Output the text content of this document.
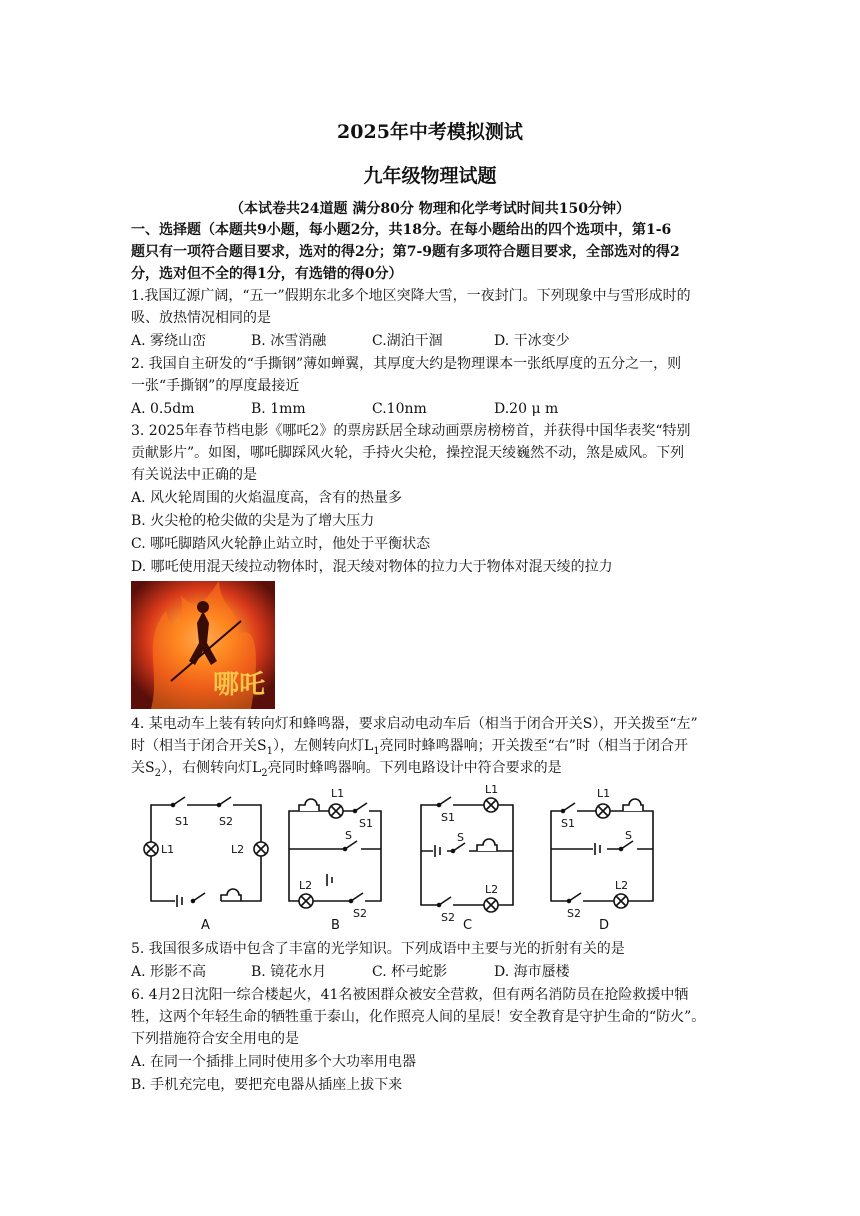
2025年中考模拟测试
九年级物理试题
（本试卷共24道题 满分80分 物理和化学考试时间共150分钟）
一、选择题（本题共9小题，每小题2分，共18分。在每小题给出的四个选项中，第1-6
题只有一项符合题目要求，选对的得2分；第7-9题有多项符合题目要求，全部选对的得2
分，选对但不全的得1分，有选错的得0分）
1.我国辽源广阔，“五一”假期东北多个地区突降大雪，一夜封门。下列现象中与雪形成时的
吸、放热情况相同的是
A. 雾绕山峦	B. 冰雪消融	C.湖泊干涸	D. 干冰变少
2. 我国自主研发的“手撕钢”薄如蝉翼，其厚度大约是物理课本一张纸厚度的五分之一，则
一张“手撕钢”的厚度最接近
A. 0.5dm	B. 1mm	C.10nm	D.20 μ m
3. 2025年春节档电影《哪吒2》的票房跃居全球动画票房榜榜首，并获得中国华表奖“特别
贡献影片”。如图，哪吒脚踩风火轮，手持火尖枪，操控混天绫巍然不动，煞是威风。下列
有关说法中正确的是
A. 风火轮周围的火焰温度高，含有的热量多
B. 火尖枪的枪尖做的尖是为了增大压力
C. 哪吒脚踏风火轮静止站立时，他处于平衡状态
D. 哪吒使用混天绫拉动物体时，混天绫对物体的拉力大于物体对混天绫的拉力
哪吒
4. 某电动车上装有转向灯和蜂鸣器，要求启动电动车后（相当于闭合开关S），开关拨至“左”
时（相当于闭合开关$S_1$），左侧转向灯$L_1$亮同时蜂鸣器响；开关拨至“右”时（相当于闭合开
关$S_2$），右侧转向灯$L_2$亮同时蜂鸣器响。下列电路设计中符合要求的是
S1	S2
L1	L2
A
L1
S1
S
L2
S2
B
S1
L1
S
S2
L2
C
S1
L1
S
S2
L2
D
5. 我国很多成语中包含了丰富的光学知识。下列成语中主要与光的折射有关的是
A. 形影不高	B. 镜花水月	C. 杯弓蛇影	D. 海市蜃楼
6. 4月2日沈阳一综合楼起火，41名被困群众被安全营救，但有两名消防员在抢险救援中牺
牲，这两个年轻生命的牺牲重于泰山，化作照亮人间的星辰！安全教育是守护生命的“防火”。
下列措施符合安全用电的是
A. 在同一个插排上同时使用多个大功率用电器
B. 手机充完电，要把充电器从插座上拔下来
